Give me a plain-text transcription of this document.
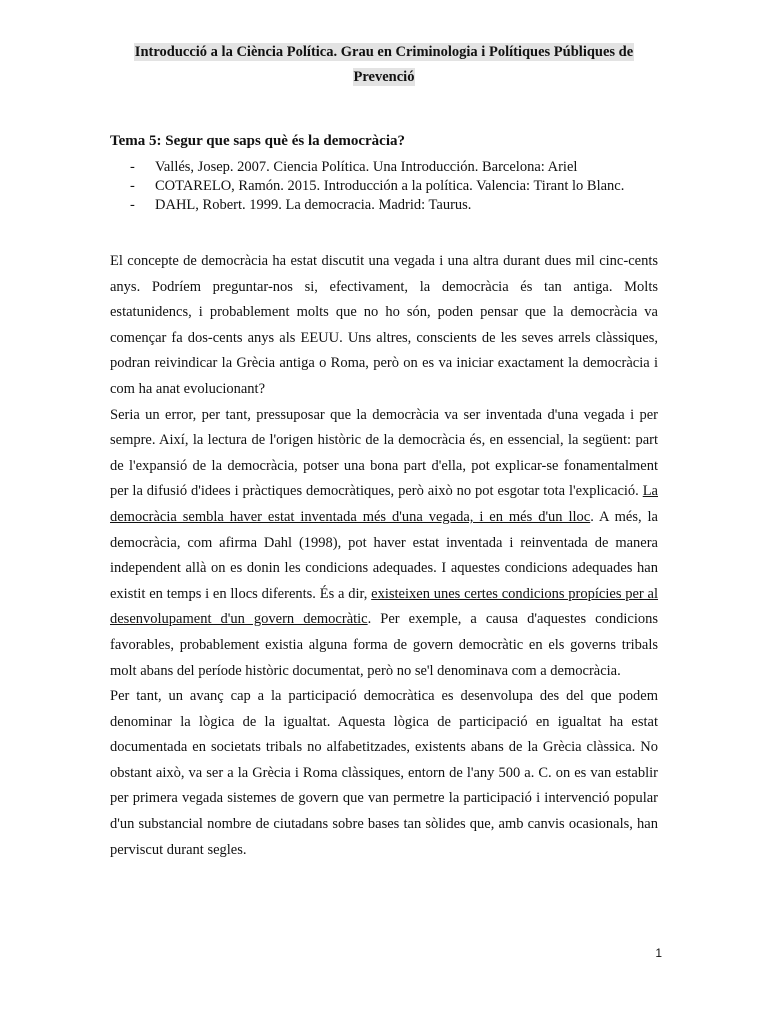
Introducció a la Ciència Política. Grau en Criminologia i Polítiques Públiques de
Prevenció
Tema 5: Segur que saps què és la democràcia?
- Vallés, Josep. 2007. Ciencia Política. Una Introducción. Barcelona: Ariel
- COTARELO, Ramón. 2015. Introducción a la política. Valencia: Tirant lo Blanc.
- DAHL, Robert. 1999. La democracia. Madrid: Taurus.

El concepte de democràcia ha estat discutit una vegada i una altra durant dues mil cinc-cents anys. Podríem preguntar-nos si, efectivament, la democràcia és tan antiga. Molts estatunidencs, i probablement molts que no ho són, poden pensar que la democràcia va començar fa dos-cents anys als EEUU. Uns altres, conscients de les seves arrels clàssiques, podran reivindicar la Grècia antiga o Roma, però on es va iniciar exactament la democràcia i com ha anat evolucionant?

Seria un error, per tant, pressuposar que la democràcia va ser inventada d'una vegada i per sempre. Així, la lectura de l'origen històric de la democràcia és, en essencial, la següent: part de l'expansió de la democràcia, potser una bona part d'ella, pot explicar-se fonamentalment per la difusió d'idees i pràctiques democràtiques, però això no pot esgotar tota l'explicació. La democràcia sembla haver estat inventada més d'una vegada, i en més d'un lloc. A més, la democràcia, com afirma Dahl (1998), pot haver estat inventada i reinventada de manera independent allà on es donin les condicions adequades. I aquestes condicions adequades han existit en temps i en llocs diferents. És a dir, existeixen unes certes condicions propícies per al desenvolupament d'un govern democràtic. Per exemple, a causa d'aquestes condicions favorables, probablement existia alguna forma de govern democràtic en els governs tribals molt abans del període històric documentat, però no se'l denominava com a democràcia.

Per tant, un avanç cap a la participació democràtica es desenvolupa des del que podem denominar la lògica de la igualtat. Aquesta lògica de participació en igualtat ha estat documentada en societats tribals no alfabetitzades, existents abans de la Grècia clàssica. No obstant això, va ser a la Grècia i Roma clàssiques, entorn de l'any 500 a. C. on es van establir per primera vegada sistemes de govern que van permetre la participació i intervenció popular d'un substancial nombre de ciutadans sobre bases tan sòlides que, amb canvis ocasionals, han perviscut durant segles.

1
